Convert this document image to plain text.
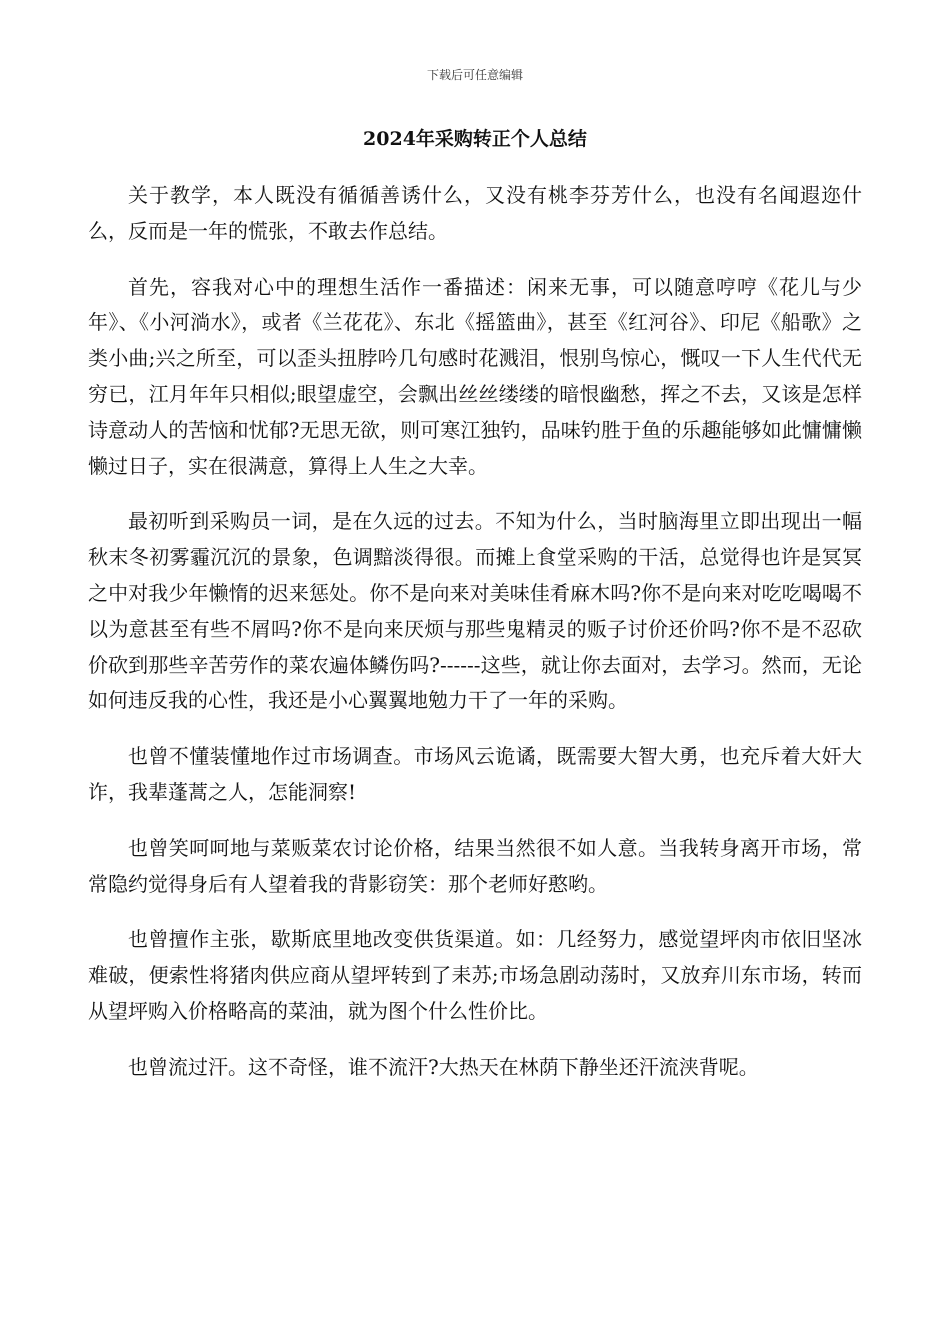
下载后可任意编辑
2024年采购转正个人总结

关于教学，本人既没有循循善诱什么，又没有桃李芬芳什么，也没有名闻遐迩什么，反而是一年的慌张，不敢去作总结。

首先，容我对心中的理想生活作一番描述：闲来无事，可以随意哼哼《花儿与少年》、《小河淌水》，或者《兰花花》、东北《摇篮曲》，甚至《红河谷》、印尼《船歌》之类小曲;兴之所至，可以歪头扭脖吟几句感时花溅泪，恨别鸟惊心，慨叹一下人生代代无穷已，江月年年只相似;眼望虚空，会飘出丝丝缕缕的暗恨幽愁，挥之不去，又该是怎样诗意动人的苦恼和忧郁?无思无欲，则可寒江独钓，品味钓胜于鱼的乐趣能够如此慵慵懒懒过日子，实在很满意，算得上人生之大幸。

最初听到采购员一词，是在久远的过去。不知为什么，当时脑海里立即出现出一幅秋末冬初雾霾沉沉的景象，色调黯淡得很。而摊上食堂采购的干活，总觉得也许是冥冥之中对我少年懒惰的迟来惩处。你不是向来对美味佳肴麻木吗?你不是向来对吃吃喝喝不以为意甚至有些不屑吗?你不是向来厌烦与那些鬼精灵的贩子讨价还价吗?你不是不忍砍价砍到那些辛苦劳作的菜农遍体鳞伤吗?------这些，就让你去面对，去学习。然而，无论如何违反我的心性，我还是小心翼翼地勉力干了一年的采购。

也曾不懂装懂地作过市场调查。市场风云诡谲，既需要大智大勇，也充斥着大奸大诈，我辈蓬蒿之人，怎能洞察!

也曾笑呵呵地与菜贩菜农讨论价格，结果当然很不如人意。当我转身离开市场，常常隐约觉得身后有人望着我的背影窃笑：那个老师好憨哟。

也曾擅作主张，歇斯底里地改变供货渠道。如：几经努力，感觉望坪肉市依旧坚冰难破，便索性将猪肉供应商从望坪转到了耒苏;市场急剧动荡时，又放弃川东市场，转而从望坪购入价格略高的菜油，就为图个什么性价比。

也曾流过汗。这不奇怪，谁不流汗?大热天在林荫下静坐还汗流浃背呢。
